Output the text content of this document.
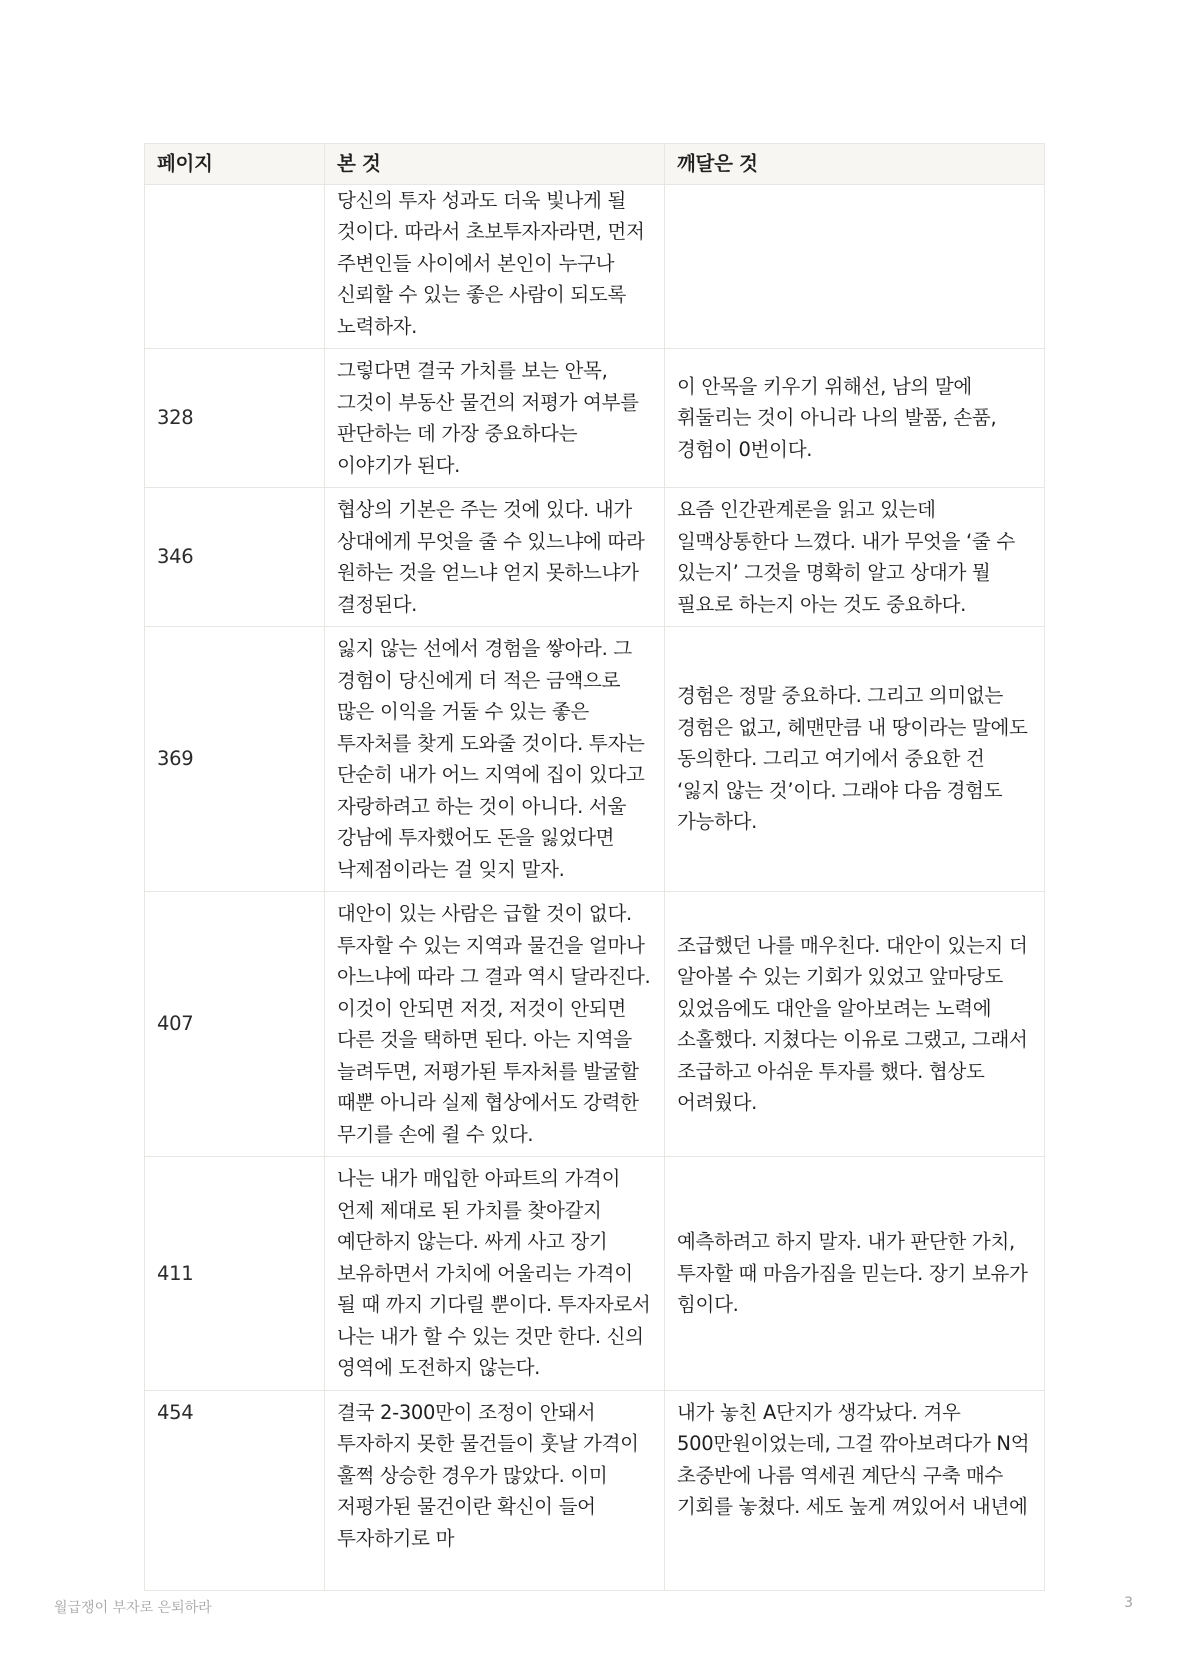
페이지	본 것	깨달은 것
	당신의 투자 성과도 더욱 빛나게 될 것이다. 따라서 초보투자자라면, 먼저 주변인들 사이에서 본인이 누구나 신뢰할 수 있는 좋은 사람이 되도록 노력하자.	
328	그렇다면 결국 가치를 보는 안목, 그것이 부동산 물건의 저평가 여부를 판단하는 데 가장 중요하다는 이야기가 된다.	이 안목을 키우기 위해선, 남의 말에 휘둘리는 것이 아니라 나의 발품, 손품, 경험이 0번이다.
346	협상의 기본은 주는 것에 있다. 내가 상대에게 무엇을 줄 수 있느냐에 따라 원하는 것을 얻느냐 얻지 못하느냐가 결정된다.	요즘 인간관계론을 읽고 있는데 일맥상통한다 느꼈다. 내가 무엇을 ‘줄 수 있는지’ 그것을 명확히 알고 상대가 뭘 필요로 하는지 아는 것도 중요하다.
369	잃지 않는 선에서 경험을 쌓아라. 그 경험이 당신에게 더 적은 금액으로 많은 이익을 거둘 수 있는 좋은 투자처를 찾게 도와줄 것이다. 투자는 단순히 내가 어느 지역에 집이 있다고 자랑하려고 하는 것이 아니다. 서울 강남에 투자했어도 돈을 잃었다면 낙제점이라는 걸 잊지 말자.	경험은 정말 중요하다. 그리고 의미없는 경험은 없고, 헤맨만큼 내 땅이라는 말에도 동의한다. 그리고 여기에서 중요한 건 ‘잃지 않는 것’이다. 그래야 다음 경험도 가능하다.
407	대안이 있는 사람은 급할 것이 없다. 투자할 수 있는 지역과 물건을 얼마나 아느냐에 따라 그 결과 역시 달라진다. 이것이 안되면 저것, 저것이 안되면 다른 것을 택하면 된다. 아는 지역을 늘려두면, 저평가된 투자처를 발굴할 때뿐 아니라 실제 협상에서도 강력한 무기를 손에 쥘 수 있다.	조급했던 나를 매우친다. 대안이 있는지 더 알아볼 수 있는 기회가 있었고 앞마당도 있었음에도 대안을 알아보려는 노력에 소홀했다. 지쳤다는 이유로 그랬고, 그래서 조급하고 아쉬운 투자를 했다. 협상도 어려웠다.
411	나는 내가 매입한 아파트의 가격이 언제 제대로 된 가치를 찾아갈지 예단하지 않는다. 싸게 사고 장기 보유하면서 가치에 어울리는 가격이 될 때 까지 기다릴 뿐이다. 투자자로서 나는 내가 할 수 있는 것만 한다. 신의 영역에 도전하지 않는다.	예측하려고 하지 말자. 내가 판단한 가치, 투자할 때 마음가짐을 믿는다. 장기 보유가 힘이다.
454	결국 2-300만이 조정이 안돼서 투자하지 못한 물건들이 훗날 가격이 훌쩍 상승한 경우가 많았다. 이미 저평가된 물건이란 확신이 들어 투자하기로 마	내가 놓친 A단지가 생각났다. 겨우 500만원이었는데, 그걸 깎아보려다가 N억 초중반에 나름 역세권 계단식 구축 매수 기회를 놓쳤다. 세도 높게 껴있어서 내년에
월급쟁이 부자로 은퇴하라	3
